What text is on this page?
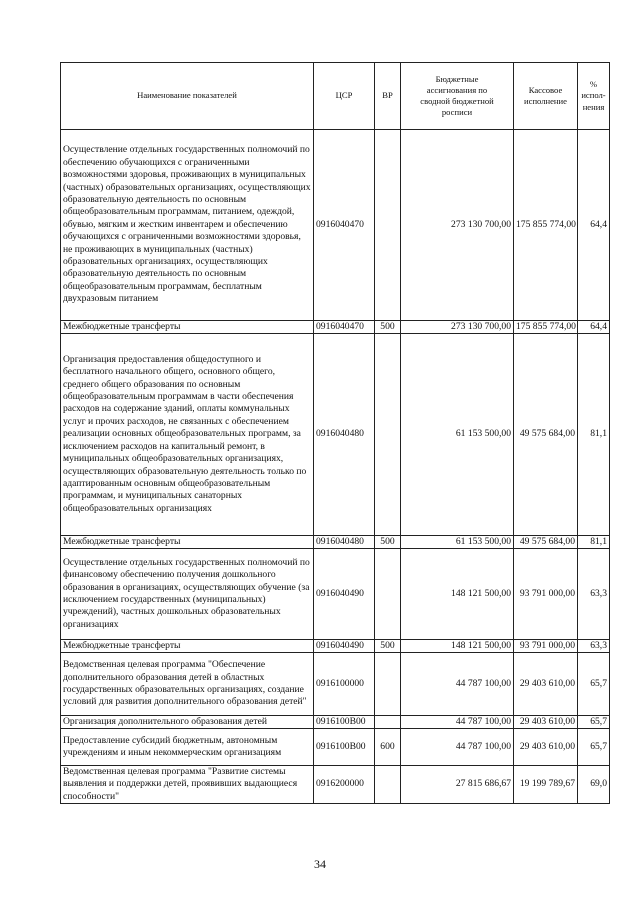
Наименование показателей	ЦСР	ВР	Бюджетные ассигнования по сводной бюджетной росписи	Кассовое исполнение	% испол-нения
Осуществление отдельных государственных полномочий по обеспечению обучающихся с ограниченными возможностями здоровья, проживающих в муниципальных (частных) образовательных организациях, осуществляющих образовательную деятельность по основным общеобразовательным программам, питанием, одеждой, обувью, мягким и жестким инвентарем и обеспечению обучающихся с ограниченными возможностями здоровья, не проживающих в муниципальных (частных) образовательных организациях, осуществляющих образовательную деятельность по основным общеобразовательным программам, бесплатным двухразовым питанием	0916040470		273 130 700,00	175 855 774,00	64,4
Межбюджетные трансферты	0916040470	500	273 130 700,00	175 855 774,00	64,4
Организация предоставления общедоступного и бесплатного начального общего, основного общего, среднего общего образования по основным общеобразовательным программам в части обеспечения расходов на содержание зданий, оплаты коммунальных услуг и прочих расходов, не связанных с обеспечением реализации основных общеобразовательных программ, за исключением расходов на капитальный ремонт, в муниципальных общеобразовательных организациях, осуществляющих образовательную деятельность только по адаптированным основным общеобразовательным программам, и муниципальных санаторных общеобразовательных организациях	0916040480		61 153 500,00	49 575 684,00	81,1
Межбюджетные трансферты	0916040480	500	61 153 500,00	49 575 684,00	81,1
Осуществление отдельных государственных полномочий по финансовому обеспечению получения дошкольного образования в организациях, осуществляющих обучение (за исключением государственных (муниципальных) учреждений), частных дошкольных образовательных организациях	0916040490		148 121 500,00	93 791 000,00	63,3
Межбюджетные трансферты	0916040490	500	148 121 500,00	93 791 000,00	63,3
Ведомственная целевая программа "Обеспечение дополнительного образования детей в областных государственных образовательных организациях, создание условий для развития дополнительного образования детей"	0916100000		44 787 100,00	29 403 610,00	65,7
Организация дополнительного образования детей	0916100B00		44 787 100,00	29 403 610,00	65,7
Предоставление субсидий бюджетным, автономным учреждениям и иным некоммерческим организациям	0916100B00	600	44 787 100,00	29 403 610,00	65,7
Ведомственная целевая программа "Развитие системы выявления и поддержки детей, проявивших выдающиеся способности"	0916200000		27 815 686,67	19 199 789,67	69,0
34
